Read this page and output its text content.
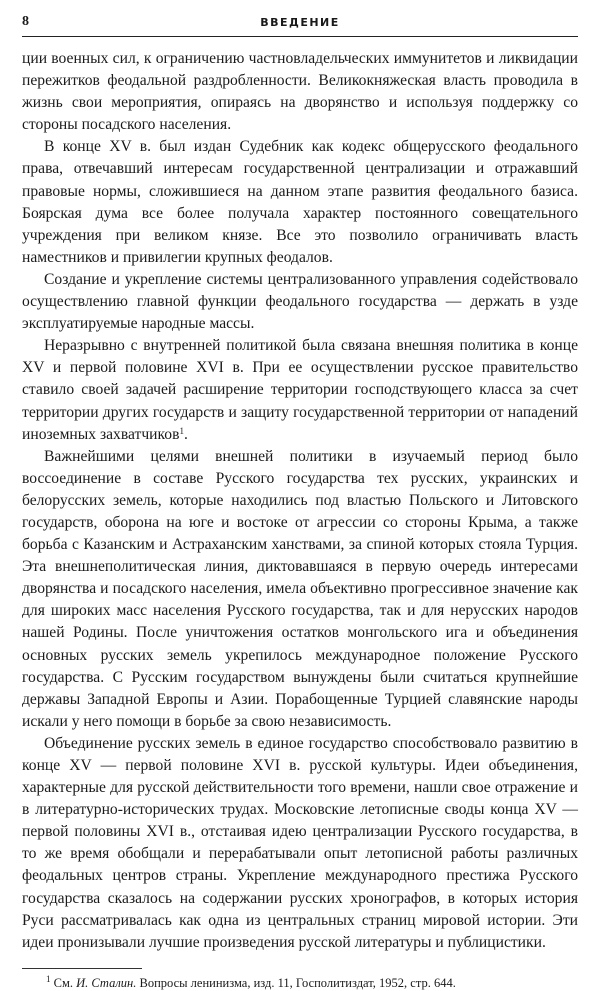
8	ВВЕДЕНИЕ

ции военных сил, к ограничению частновладельческих иммунитетов и ликвидации пережитков феодальной раздробленности. Великокняжеская власть проводила в жизнь свои мероприятия, опираясь на дворянство и используя поддержку со стороны посадского населения.

В конце XV в. был издан Судебник как кодекс общерусского феодального права, отвечавший интересам государственной централизации и отражавший правовые нормы, сложившиеся на данном этапе развития феодального базиса. Боярская дума все более получала характер постоянного совещательного учреждения при великом князе. Все это позволило ограничивать власть наместников и привилегии крупных феодалов.

Создание и укрепление системы централизованного управления содействовало осуществлению главной функции феодального государства — держать в узде эксплуатируемые народные массы.

Неразрывно с внутренней политикой была связана внешняя политика в конце XV и первой половине XVI в. При ее осуществлении русское правительство ставило своей задачей расширение территории господствующего класса за счет территории других государств и защиту государственной территории от нападений иноземных захватчиков$^1$.

Важнейшими целями внешней политики в изучаемый период было воссоединение в составе Русского государства тех русских, украинских и белорусских земель, которые находились под властью Польского и Литовского государств, оборона на юге и востоке от агрессии со стороны Крыма, а также борьба с Казанским и Астраханским ханствами, за спиной которых стояла Турция. Эта внешнеполитическая линия, диктовавшаяся в первую очередь интересами дворянства и посадского населения, имела объективно прогрессивное значение как для широких масс населения Русского государства, так и для нерусских народов нашей Родины. После уничтожения остатков монгольского ига и объединения основных русских земель укрепилось международное положение Русского государства. С Русским государством вынуждены были считаться крупнейшие державы Западной Европы и Азии. Порабощенные Турцией славянские народы искали у него помощи в борьбе за свою независимость.

Объединение русских земель в единое государство способствовало развитию в конце XV — первой половине XVI в. русской культуры. Идеи объединения, характерные для русской действительности того времени, нашли свое отражение и в литературно-исторических трудах. Московские летописные своды конца XV — первой половины XVI в., отстаивая идею централизации Русского государства, в то же время обобщали и перерабатывали опыт летописной работы различных феодальных центров страны. Укрепление международного престижа Русского государства сказалось на содержании русских хронографов, в которых история Руси рассматривалась как одна из центральных страниц мировой истории. Эти идеи пронизывали лучшие произведения русской литературы и публицистики.

$^1$ См. И. Сталин. Вопросы ленинизма, изд. 11, Госполитиздат, 1952, стр. 644.
